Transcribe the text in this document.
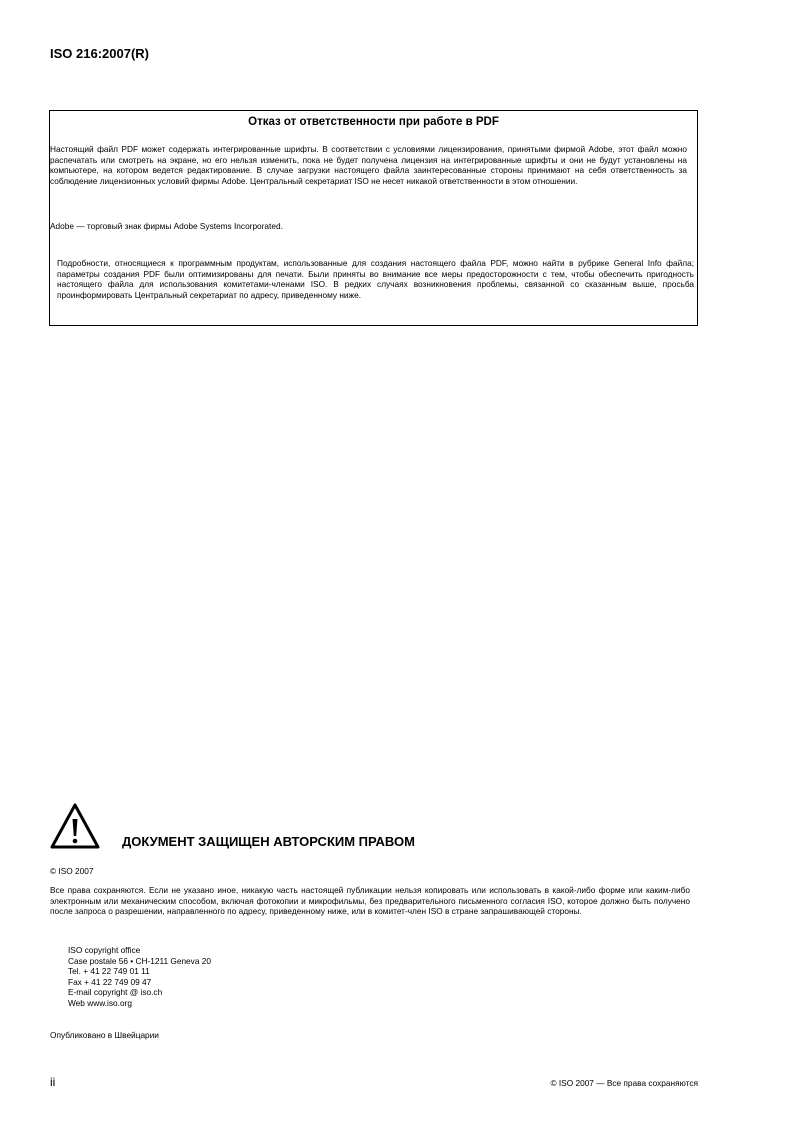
ISO 216:2007(R)
Отказ от ответственности при работе в PDF

Настоящий файл PDF может содержать интегрированные шрифты. В соответствии с условиями лицензирования, принятыми фирмой Adobe, этот файл можно распечатать или смотреть на экране, но его нельзя изменить, пока не будет получена лицензия на интегрированные шрифты и они не будут установлены на компьютере, на котором ведется редактирование. В случае загрузки настоящего файла заинтересованные стороны принимают на себя ответственность за соблюдение лицензионных условий фирмы Adobe. Центральный секретариат ISO не несет никакой ответственности в этом отношении.

Adobe — торговый знак фирмы Adobe Systems Incorporated.

Подробности, относящиеся к программным продуктам, использованные для создания настоящего файла PDF, можно найти в рубрике General Info файла; параметры создания PDF были оптимизированы для печати. Были приняты во внимание все меры предосторожности с тем, чтобы обеспечить пригодность настоящего файла для использования комитетами-членами ISO. В редких случаях возникновения проблемы, связанной со сказанным выше, просьба проинформировать Центральный секретариат по адресу, приведенному ниже.

ДОКУМЕНТ ЗАЩИЩЕН АВТОРСКИМ ПРАВОМ
© ISO 2007

Все права сохраняются. Если не указано иное, никакую часть настоящей публикации нельзя копировать или использовать в какой-либо форме или каким-либо электронным или механическим способом, включая фотокопии и микрофильмы, без предварительного письменного согласия ISO, которое должно быть получено после запроса о разрешении, направленного по адресу, приведенному ниже, или в комитет-член ISO в стране запрашивающей стороны.

ISO copyright office
Case postale 56 • CH-1211 Geneva 20
Tel. + 41 22 749 01 11
Fax + 41 22 749 09 47
E-mail copyright @ iso.ch
Web www.iso.org
Опубликовано в Швейцарии
ii	© ISO 2007 — Все права сохраняются
